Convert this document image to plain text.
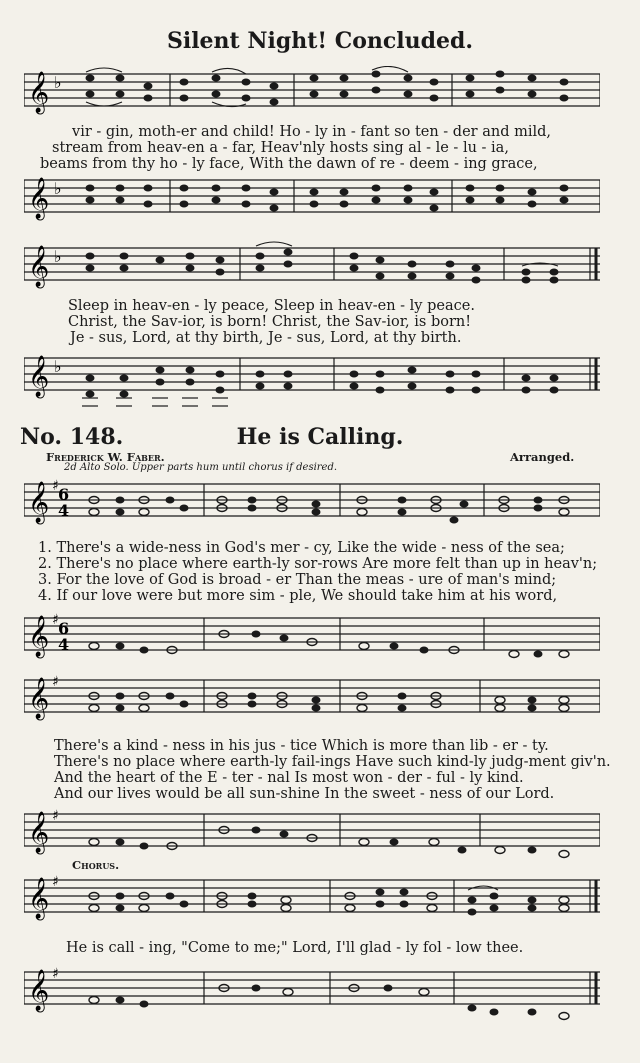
Silent Night! Concluded.
𝄞 ♭
vir - gin, moth-er and child! Ho - ly in - fant so ten - der and mild,
stream from heav-en a - far, Heav'nly hosts sing al - le - lu - ia,
beams from thy ho - ly face, With the dawn of re - deem - ing grace,
𝄞 ♭
𝄞 ♭
Sleep in heav-en - ly peace, Sleep in heav-en - ly peace.
Christ, the Sav-ior, is born! Christ, the Sav-ior, is born!
Je - sus, Lord, at thy birth, Je - sus, Lord, at thy birth.
𝄞 ♭
No. 148.	He is Calling.
Frederick W. Faber.	Arranged.
2d Alto Solo. Upper parts hum until chorus if desired.
𝄞 ♯ 6
4
1. There's a wide-ness in God's mer - cy, Like the wide - ness of the sea;
2. There's no place where earth-ly sor-rows Are more felt than up in heav'n;
3. For the love of God is broad - er Than the meas - ure of man's mind;
4. If our love were but more sim - ple, We should take him at his word,
𝄞 ♯ 6
4
𝄞 ♯
There's a kind - ness in his jus - tice Which is more than lib - er - ty.
There's no place where earth-ly fail-ings Have such kind-ly judg-ment giv'n.
And the heart of the E - ter - nal Is most won - der - ful - ly kind.
And our lives would be all sun-shine In the sweet - ness of our Lord.
𝄞 ♯
Chorus.
𝄞 ♯
He is call - ing, "Come to me;" Lord, I'll glad - ly fol - low thee.
𝄞 ♯
